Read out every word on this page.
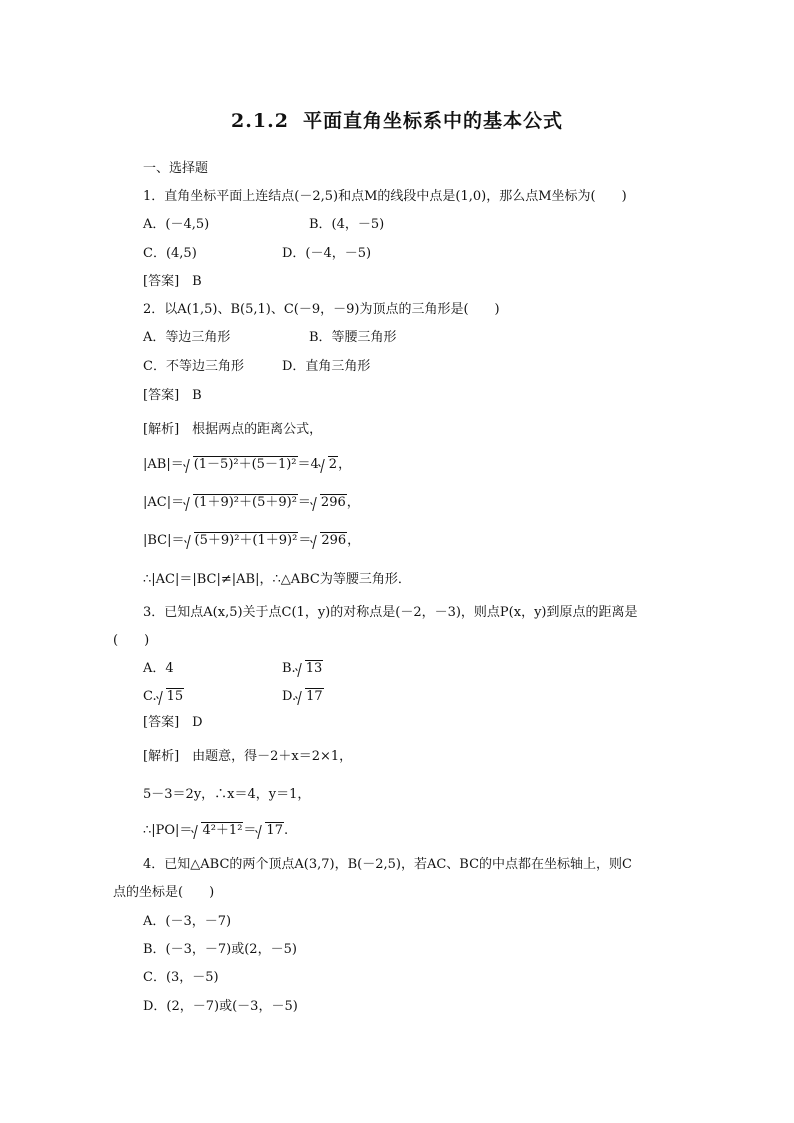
2.1.2 平面直角坐标系中的基本公式
一、选择题
1．直角坐标平面上连结点(－2,5)和点M的线段中点是(1,0)，那么点M坐标为(　　)
A．(－4,5)	B．(4，－5)
C．(4,5)	D．(－4，－5)
[答案]　B
2．以A(1,5)、B(5,1)、C(－9，－9)为顶点的三角形是(　　)
A．等边三角形	B．等腰三角形
C．不等边三角形	D．直角三角形
[答案]　B
[解析]　根据两点的距离公式，
|AB|＝ (1－5)²＋(5－1)²＝4 2，
|AC|＝ (1＋9)²＋(5＋9)²＝ 296，
|BC|＝ (5＋9)²＋(1＋9)²＝ 296，
∴|AC|＝|BC|≠|AB|，∴△ABC为等腰三角形．
3．已知点A(x,5)关于点C(1，y)的对称点是(－2，－3)，则点P(x，y)到原点的距离是
(　　)
A．4	B. 13
C. 15	D. 17
[答案]　D
[解析]　由题意，得－2＋x＝2×1，
5－3＝2y，∴x＝4，y＝1，
∴|PO|＝ 4²＋1²＝ 17.
4．已知△ABC的两个顶点A(3,7)，B(－2,5)，若AC、BC的中点都在坐标轴上，则C
点的坐标是(　　)
A．(－3，－7)
B．(－3，－7)或(2，－5)
C．(3，－5)
D．(2，－7)或(－3，－5)
